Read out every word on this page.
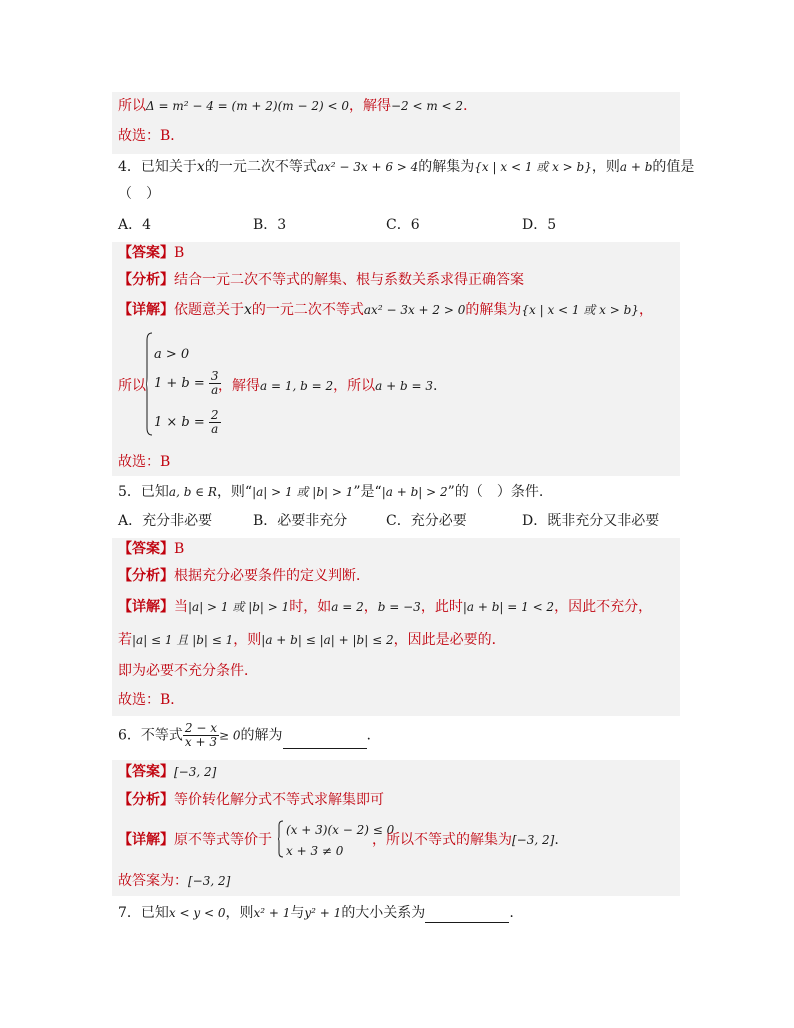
所以Δ = m² − 4 = (m + 2)(m − 2) < 0，解得−2 < m < 2．
故选：B．
4．已知关于x的一元二次不等式ax² − 3x + 6 > 4的解集为{x | x < 1 或 x > b}，则a + b的值是
（　）
A．4	B．3	C．6	D．5
【答案】B
【分析】结合一元二次不等式的解集、根与系数关系求得正确答案
【详解】依题意关于x的一元二次不等式ax² − 3x + 2 > 0的解集为{x | x < 1 或 x > b}，
所以
a > 0
$1 + b = \frac{3}{a}$
$1 \times b = \frac{2}{a}$
，解得a = 1, b = 2，所以a + b = 3.
故选：B
5．已知a, b ∈ R，则“|a| > 1 或 |b| > 1”是“|a + b| > 2”的（　）条件.
A．充分非必要	B．必要非充分	C．充分必要	D．既非充分又非必要
【答案】B
【分析】根据充分必要条件的定义判断．
【详解】当|a| > 1 或 |b| > 1时，如a = 2，b = −3，此时|a + b| = 1 < 2，因此不充分，
若|a| ≤ 1 且 |b| ≤ 1，则|a + b| ≤ |a| + |b| ≤ 2，因此是必要的．
即为必要不充分条件．
故选：B．
6．不等式 $\frac{2 - x}{x + 3} \ge 0$的解为	.
【答案】[−3, 2]
【分析】等价转化解分式不等式求解集即可
【详解】原不等式等价于
(x + 3)(x − 2) ≤ 0
x + 3 ≠ 0
，所以不等式的解集为[−3, 2].
故答案为：[−3, 2]
7．已知x < y < 0，则x² + 1与y² + 1的大小关系为	.
